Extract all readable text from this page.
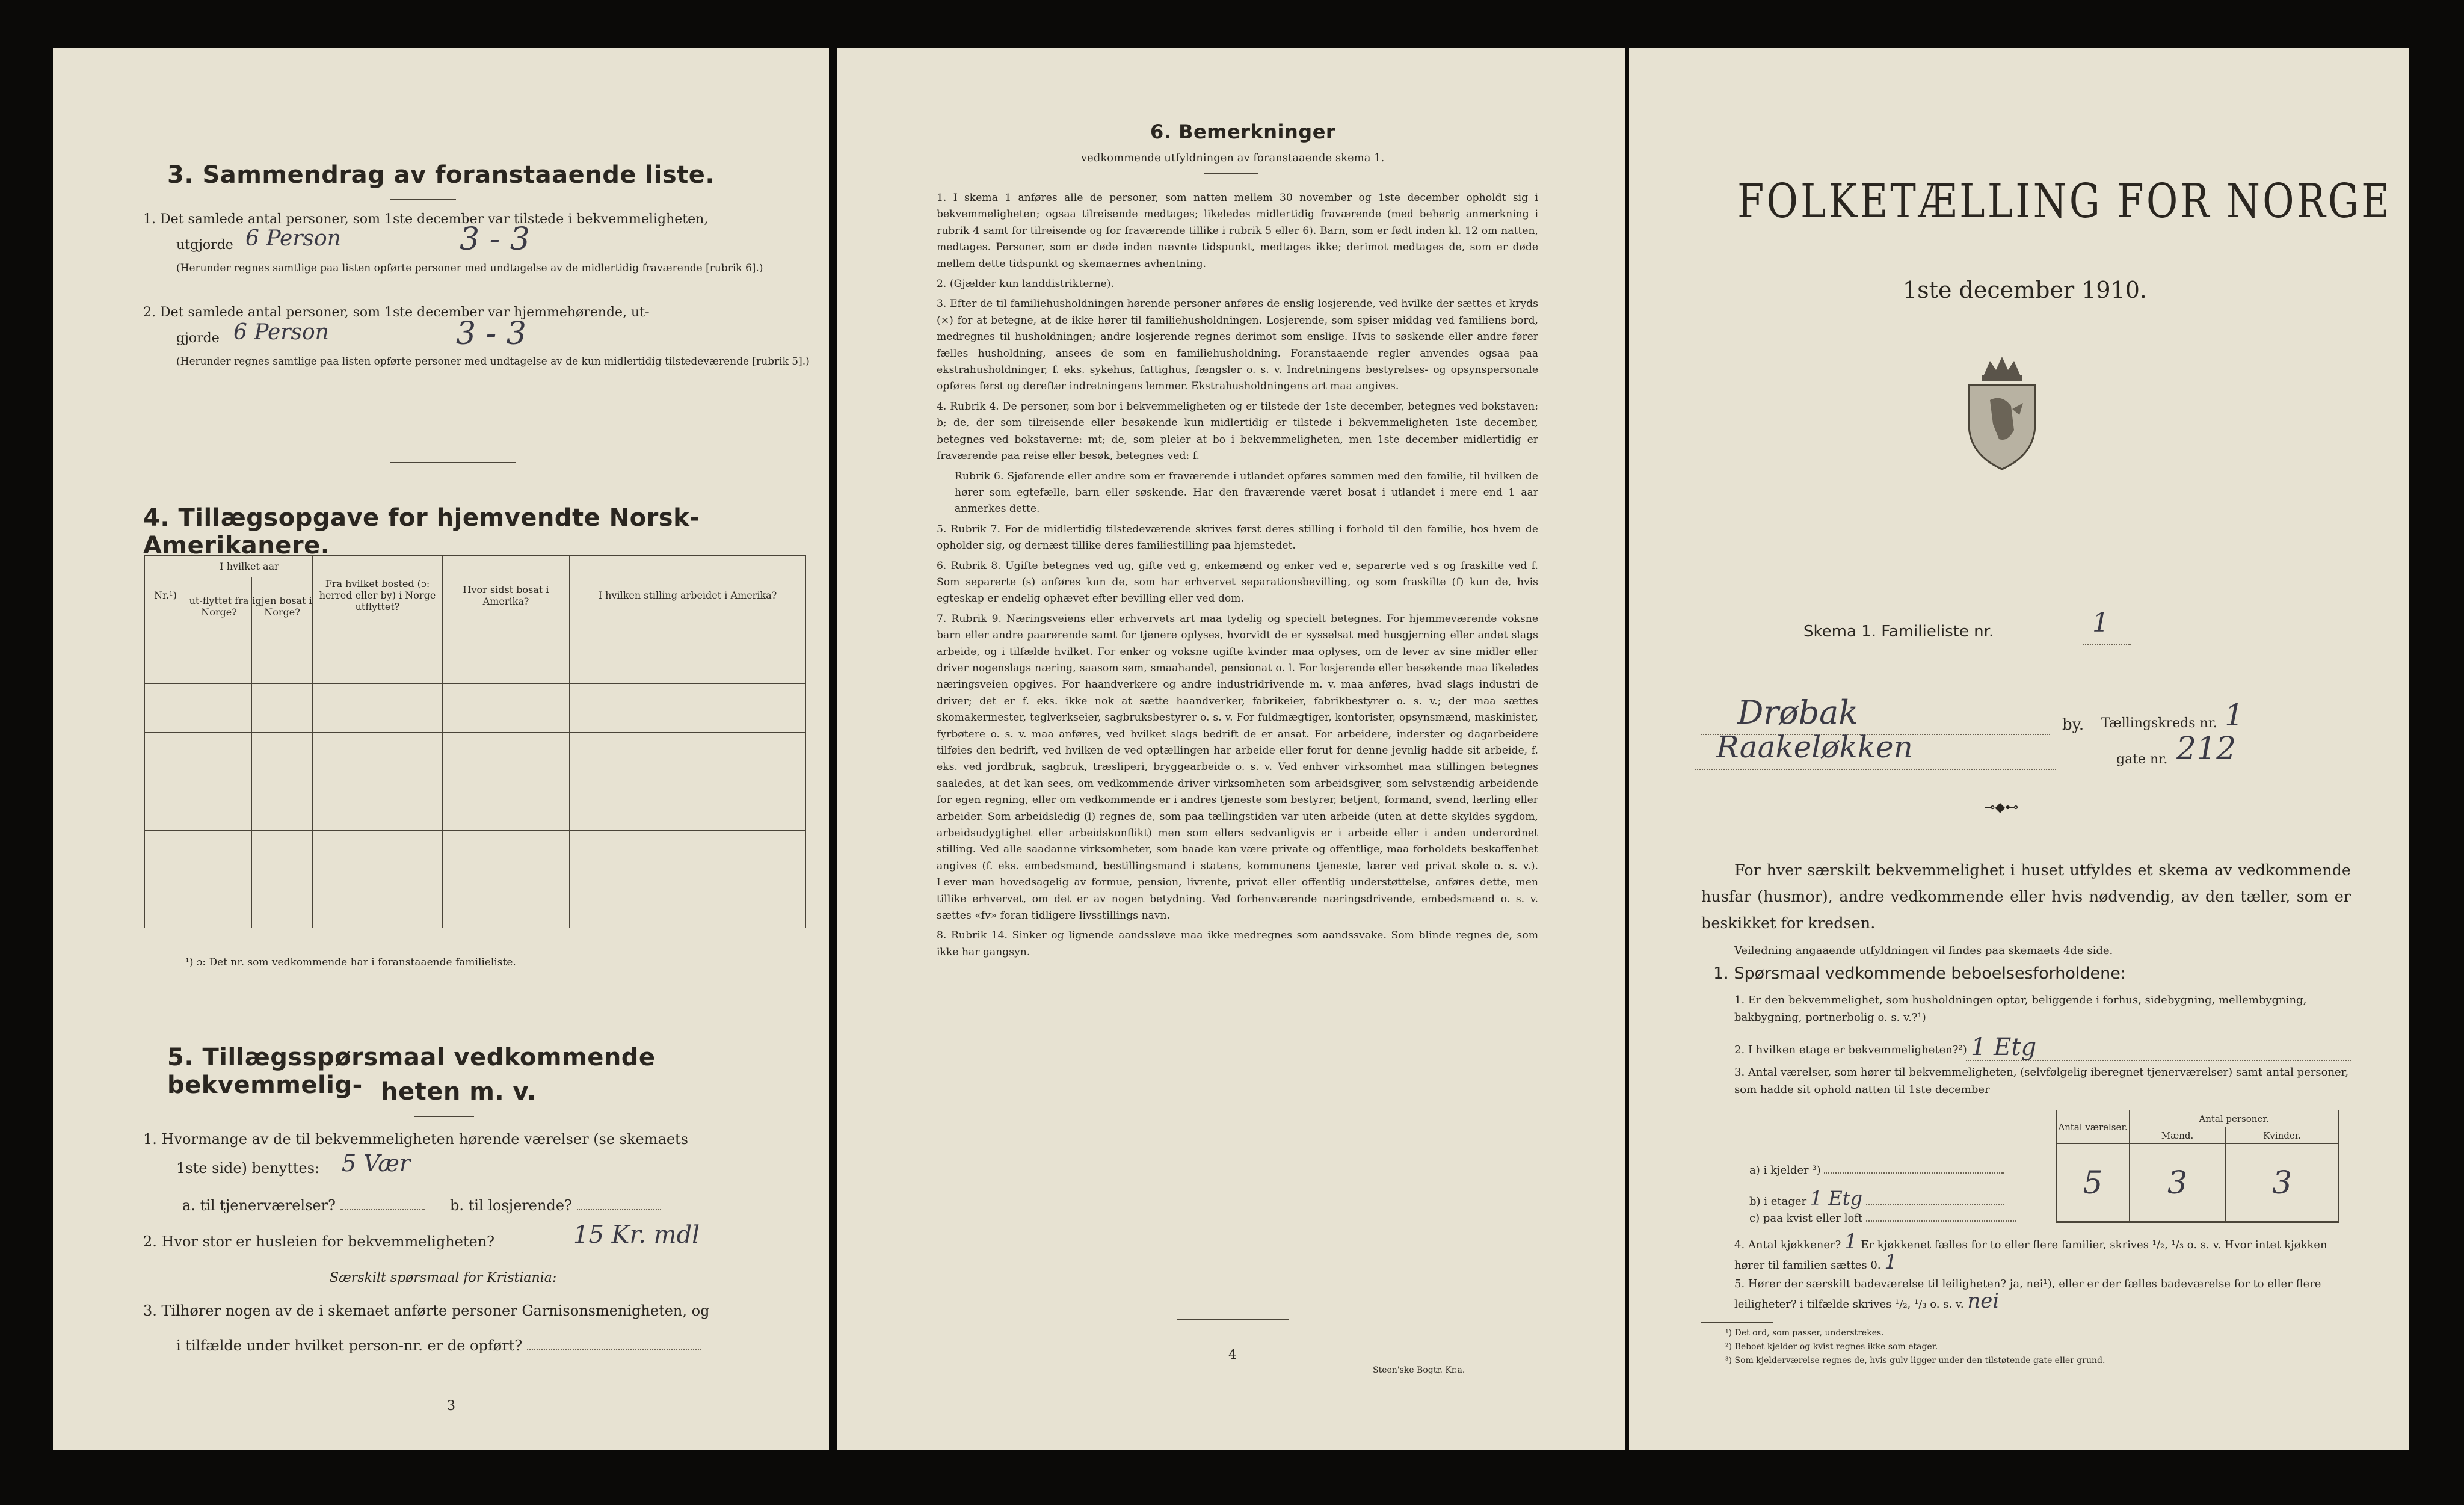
3. Sammendrag av foranstaaende liste.
1. Det samlede antal personer, som 1ste december var tilstede i bekvemmeligheten,
utgjorde 6 Person	3 - 3
(Herunder regnes samtlige paa listen opførte personer med undtagelse av de midlertidig fraværende [rubrik 6].)
2. Det samlede antal personer, som 1ste december var hjemmehørende, ut-
gjorde 6 Person	3 - 3
(Herunder regnes samtlige paa listen opførte personer med undtagelse av de kun midlertidig tilstedeværende [rubrik 5].)
4. Tillægsopgave for hjemvendte Norsk-Amerikanere.
Nr.¹)	I hvilket aar		Fra hvilket bosted (ɔ: herred eller by) i Norge utflyttet?	Hvor sidst bosat i Amerika?	I hvilken stilling arbeidet i Amerika?
	ut-flyttet fra Norge?	igjen bosat i Norge?			

¹) ɔ: Det nr. som vedkommende har i foranstaaende familieliste.
5. Tillægsspørsmaal vedkommende bekvemmelig- heten m. v.
1. Hvormange av de til bekvemmeligheten hørende værelser (se skemaets
1ste side) benyttes: 5 Vær
a. til tjenerværelser?	b. til losjerende?
2. Hvor stor er husleien for bekvemmeligheten?	15 Kr. mdl
Særskilt spørsmaal for Kristiania:
3. Tilhører nogen av de i skemaet anførte personer Garnisonsmenigheten, og
i tilfælde under hvilket person-nr. er de opført?
3
6. Bemerkninger
vedkommende utfyldningen av foranstaaende skema 1.

1. I skema 1 anføres alle de personer, som natten mellem 30 november og 1ste december opholdt sig i bekvemmeligheten; ogsaa tilreisende medtages; likeledes midlertidig fraværende (med behørig anmerkning i rubrik 4 samt for tilreisende og for fraværende tillike i rubrik 5 eller 6). Barn, som er født inden kl. 12 om natten, medtages. Personer, som er døde inden nævnte tidspunkt, medtages ikke; derimot medtages de, som er døde mellem dette tidspunkt og skemaernes avhentning.

2. (Gjælder kun landdistrikterne).

3. Efter de til familiehusholdningen hørende personer anføres de enslig losjerende, ved hvilke der sættes et kryds (×) for at betegne, at de ikke hører til familiehusholdningen. Losjerende, som spiser middag ved familiens bord, medregnes til husholdningen; andre losjerende regnes derimot som enslige. Hvis to søskende eller andre fører fælles husholdning, ansees de som en familiehusholdning. Foranstaaende regler anvendes ogsaa paa ekstrahusholdninger, f. eks. sykehus, fattighus, fængsler o. s. v. Indretningens bestyrelses- og opsynspersonale opføres først og derefter indretningens lemmer. Ekstrahusholdningens art maa angives.

4. Rubrik 4. De personer, som bor i bekvemmeligheten og er tilstede der 1ste december, betegnes ved bokstaven: b; de, der som tilreisende eller besøkende kun midlertidig er tilstede i bekvemmeligheten 1ste december, betegnes ved bokstaverne: mt; de, som pleier at bo i bekvemmeligheten, men 1ste december midlertidig er fraværende paa reise eller besøk, betegnes ved: f.

Rubrik 6. Sjøfarende eller andre som er fraværende i utlandet opføres sammen med den familie, til hvilken de hører som egtefælle, barn eller søskende. Har den fraværende været bosat i utlandet i mere end 1 aar anmerkes dette.

5. Rubrik 7. For de midlertidig tilstedeværende skrives først deres stilling i forhold til den familie, hos hvem de opholder sig, og dernæst tillike deres familiestilling paa hjemstedet.

6. Rubrik 8. Ugifte betegnes ved ug, gifte ved g, enkemænd og enker ved e, separerte ved s og fraskilte ved f. Som separerte (s) anføres kun de, som har erhvervet separationsbevilling, og som fraskilte (f) kun de, hvis egteskap er endelig ophævet efter bevilling eller ved dom.

7. Rubrik 9. Næringsveiens eller erhvervets art maa tydelig og specielt betegnes. For hjemmeværende voksne barn eller andre paarørende samt for tjenere oplyses, hvorvidt de er sysselsat med husgjerning eller andet slags arbeide, og i tilfælde hvilket. For enker og voksne ugifte kvinder maa oplyses, om de lever av sine midler eller driver nogenslags næring, saasom søm, smaahandel, pensionat o. l. For losjerende eller besøkende maa likeledes næringsveien opgives. For haandverkere og andre industridrivende m. v. maa anføres, hvad slags industri de driver; det er f. eks. ikke nok at sætte haandverker, fabrikeier, fabrikbestyrer o. s. v.; der maa sættes skomakermester, teglverkseier, sagbruksbestyrer o. s. v. For fuldmægtiger, kontorister, opsynsmænd, maskinister, fyrbøtere o. s. v. maa anføres, ved hvilket slags bedrift de er ansat. For arbeidere, inderster og dagarbeidere tilføies den bedrift, ved hvilken de ved optællingen har arbeide eller forut for denne jevnlig hadde sit arbeide, f. eks. ved jordbruk, sagbruk, træsliperi, bryggearbeide o. s. v. Ved enhver virksomhet maa stillingen betegnes saaledes, at det kan sees, om vedkommende driver virksomheten som arbeidsgiver, som selvstændig arbeidende for egen regning, eller om vedkommende er i andres tjeneste som bestyrer, betjent, formand, svend, lærling eller arbeider. Som arbeidsledig (l) regnes de, som paa tællingstiden var uten arbeide (uten at dette skyldes sygdom, arbeidsudygtighet eller arbeidskonflikt) men som ellers sedvanligvis er i arbeide eller i anden underordnet stilling. Ved alle saadanne virksomheter, som baade kan være private og offentlige, maa forholdets beskaffenhet angives (f. eks. embedsmand, bestillingsmand i statens, kommunens tjeneste, lærer ved privat skole o. s. v.). Lever man hovedsagelig av formue, pension, livrente, privat eller offentlig understøttelse, anføres dette, men tillike erhvervet, om det er av nogen betydning. Ved forhenværende næringsdrivende, embedsmænd o. s. v. sættes «fv» foran tidligere livsstillings navn.

8. Rubrik 14. Sinker og lignende aandssløve maa ikke medregnes som aandssvake. Som blinde regnes de, som ikke har gangsyn.

4
Steen'ske Bogtr. Kr.a.
FOLKETÆLLING FOR NORGE
1ste december 1910.
Skema 1. Familieliste nr.	1
Drøbak	by. Tællingskreds nr. 1
Raakeløkken	gate nr. 212
⊸◆⊷
For hver særskilt bekvemmelighet i huset utfyldes et skema av vedkommende husfar (husmor), andre vedkommende eller hvis nødvendig, av den tæller, som er beskikket for kredsen.
Veiledning angaaende utfyldningen vil findes paa skemaets 4de side.
1. Spørsmaal vedkommende beboelsesforholdene:
1. Er den bekvemmelighet, som husholdningen optar, beliggende i forhus, sidebygning, mellembygning, bakbygning, portnerbolig o. s. v.?¹)
2. I hvilken etage er bekvemmeligheten?²) 1 Etg
3. Antal værelser, som hører til bekvemmeligheten, (selvfølgelig iberegnet tjenerværelser) samt antal personer, som hadde sit ophold natten til 1ste december
Antal værelser.	Antal personer.	
	Mænd.	Kvinder.

5	3	3

a) i kjelder ³)
b) i etager 1 Etg
c) paa kvist eller loft
4. Antal kjøkkener? 1 Er kjøkkenet fælles for to eller flere familier, skrives ¹/₂, ¹/₃ o. s. v. Hvor intet kjøkken hører til familien sættes 0. 1
5. Hører der særskilt badeværelse til leiligheten? ja, nei¹), eller er der fælles badeværelse for to eller flere leiligheter? i tilfælde skrives ¹/₂, ¹/₃ o. s. v. nei
¹) Det ord, som passer, understrekes.
²) Beboet kjelder og kvist regnes ikke som etager.
³) Som kjelderværelse regnes de, hvis gulv ligger under den tilstøtende gate eller grund.
